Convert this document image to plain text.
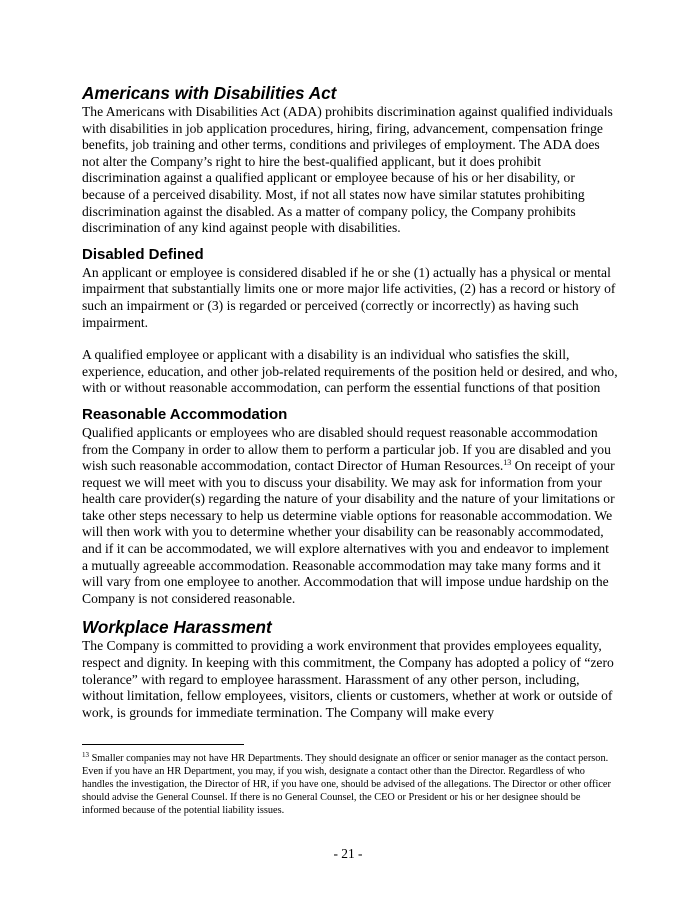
Americans with Disabilities Act

The Americans with Disabilities Act (ADA) prohibits discrimination against qualified individuals with disabilities in job application procedures, hiring, firing, advancement, compensation fringe benefits, job training and other terms, conditions and privileges of employment. The ADA does not alter the Company’s right to hire the best-qualified applicant, but it does prohibit discrimination against a qualified applicant or employee because of his or her disability, or because of a perceived disability. Most, if not all states now have similar statutes prohibiting discrimination against the disabled. As a matter of company policy, the Company prohibits discrimination of any kind against people with disabilities.

Disabled Defined

An applicant or employee is considered disabled if he or she (1) actually has a physical or mental impairment that substantially limits one or more major life activities, (2) has a record or history of such an impairment or (3) is regarded or perceived (correctly or incorrectly) as having such impairment.

A qualified employee or applicant with a disability is an individual who satisfies the skill, experience, education, and other job-related requirements of the position held or desired, and who, with or without reasonable accommodation, can perform the essential functions of that position

Reasonable Accommodation

Qualified applicants or employees who are disabled should request reasonable accommodation from the Company in order to allow them to perform a particular job. If you are disabled and you wish such reasonable accommodation, contact Director of Human Resources.$^{13}$ On receipt of your request we will meet with you to discuss your disability. We may ask for information from your health care provider(s) regarding the nature of your disability and the nature of your limitations or take other steps necessary to help us determine viable options for reasonable accommodation. We will then work with you to determine whether your disability can be reasonably accommodated, and if it can be accommodated, we will explore alternatives with you and endeavor to implement a mutually agreeable accommodation. Reasonable accommodation may take many forms and it will vary from one employee to another. Accommodation that will impose undue hardship on the Company is not considered reasonable.

Workplace Harassment

The Company is committed to providing a work environment that provides employees equality, respect and dignity. In keeping with this commitment, the Company has adopted a policy of “zero tolerance” with regard to employee harassment. Harassment of any other person, including, without limitation, fellow employees, visitors, clients or customers, whether at work or outside of work, is grounds for immediate termination. The Company will make every

$^{13}$ Smaller companies may not have HR Departments. They should designate an officer or senior manager as the contact person. Even if you have an HR Department, you may, if you wish, designate a contact other than the Director. Regardless of who handles the investigation, the Director of HR, if you have one, should be advised of the allegations. The Director or other officer should advise the General Counsel. If there is no General Counsel, the CEO or President or his or her designee should be informed because of the potential liability issues.
- 21 -
